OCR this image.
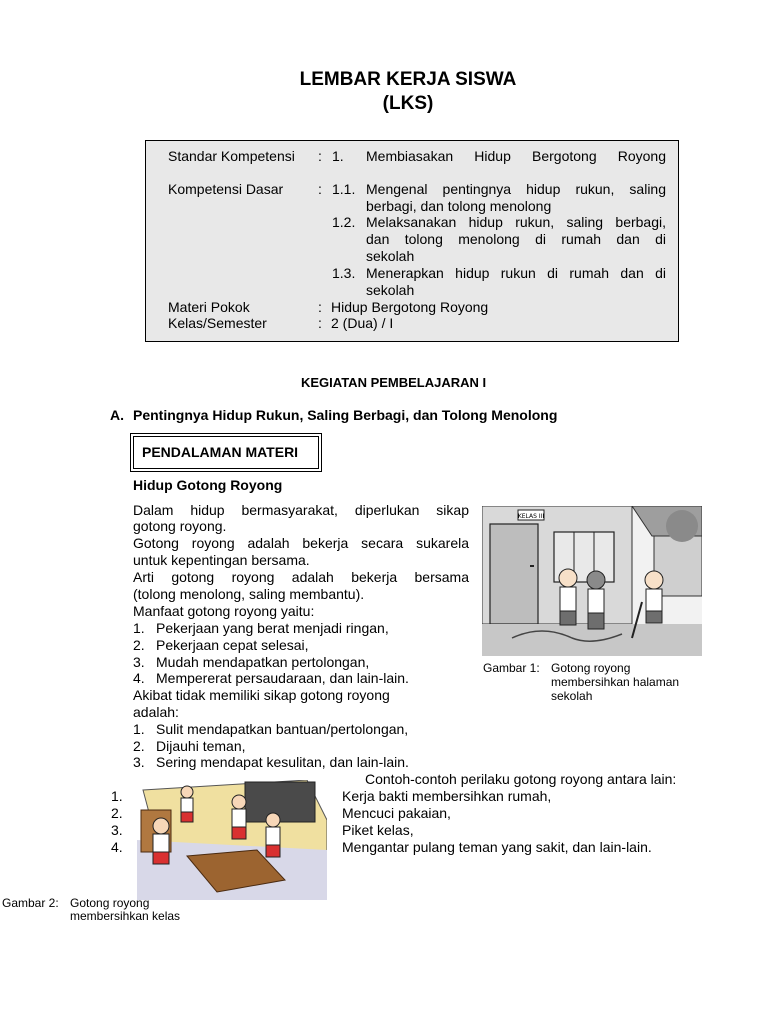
LEMBAR KERJA SISWA
(LKS)
Standar Kompetensi : 1. Membiasakan Hidup Bergotong Royong
Kompetensi Dasar : 1.1. Mengenal pentingnya hidup rukun, saling
berbagi, dan tolong menolong
1.2. Melaksanakan hidup rukun, saling berbagi,
dan tolong menolong di rumah dan di
sekolah
1.3. Menerapkan hidup rukun di rumah dan di
sekolah
Materi Pokok	: Hidup Bergotong Royong
Kelas/Semester	: 2 (Dua) / I
KEGIATAN PEMBELAJARAN I
A. Pentingnya Hidup Rukun, Saling Berbagi, dan Tolong Menolong
PENDALAMAN MATERI
Hidup Gotong Royong
Dalam hidup bermasyarakat, diperlukan sikap
gotong royong.
Gotong royong adalah bekerja secara sukarela
untuk kepentingan bersama.
Arti gotong royong adalah bekerja bersama
(tolong menolong, saling membantu).
Manfaat gotong royong yaitu:
1. Pekerjaan yang berat menjadi ringan,
2. Pekerjaan cepat selesai,
3. Mudah mendapatkan pertolongan,
4. Mempererat persaudaraan, dan lain-lain.
Akibat tidak memiliki sikap gotong royong
adalah:
1. Sulit mendapatkan bantuan/pertolongan,
2. Dijauhi teman,
3. Sering mendapat kesulitan, dan lain-lain.
Contoh-contoh perilaku gotong royong antara lain:
1.	Kerja bakti membersihkan rumah,
2.	Mencuci pakaian,
3.	Piket kelas,
4.	Mengantar pulang teman yang sakit, dan lain-lain.
KELAS III
Gambar 1: Gotong royong
membersihkan halaman
sekolah
Gambar 2: Gotong royong
membersihkan kelas
